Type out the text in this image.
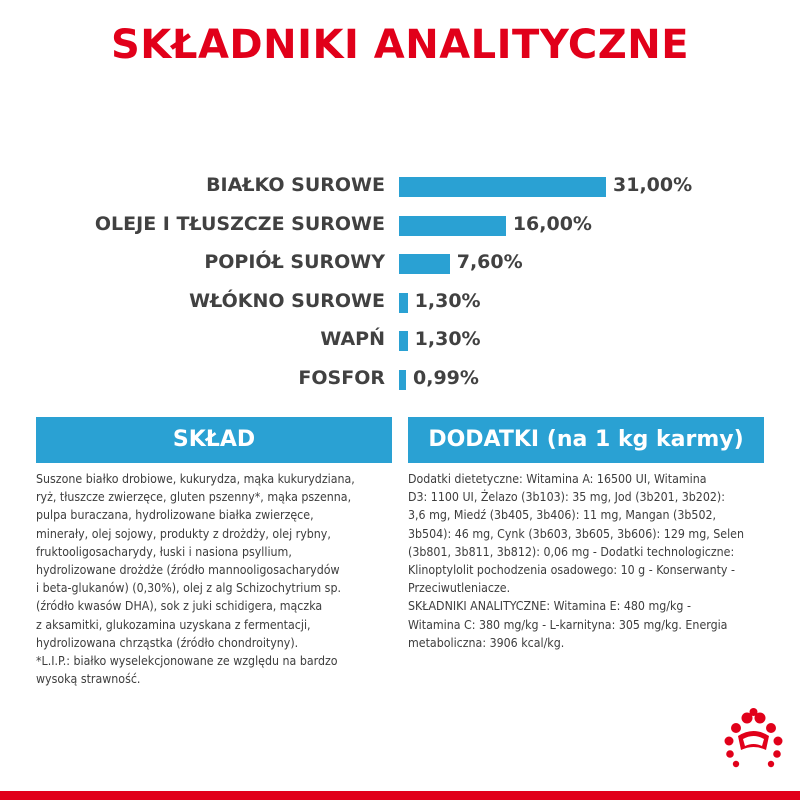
SKŁADNIKI ANALITYCZNE
BIAŁKO SUROWE	31,00%
OLEJE I TŁUSZCZE SUROWE	16,00%
POPIÓŁ SUROWY	7,60%
WŁÓKNO SUROWE 1,30%
WAPŃ 1,30%
FOSFOR 0,99%
SKŁAD	DODATKI (na 1 kg karmy)

Suszone białko drobiowe, kukurydza, mąka kukurydziana,
ryż, tłuszcze zwierzęce, gluten pszenny*, mąka pszenna,
pulpa buraczana, hydrolizowane białka zwierzęce,
minerały, olej sojowy, produkty z drożdży, olej rybny,
fruktooligosacharydy, łuski i nasiona psyllium,
hydrolizowane drożdże (źródło mannooligosacharydów
i beta-glukanów) (0,30%), olej z alg Schizochytrium sp.
(źródło kwasów DHA), sok z juki schidigera, mączka
z aksamitki, glukozamina uzyskana z fermentacji,
hydrolizowana chrząstka (źródło chondroityny).
*L.I.P.: białko wyselekcjonowane ze względu na bardzo
wysoką strawność.

Dodatki dietetyczne: Witamina A: 16500 UI, Witamina
D3: 1100 UI, Żelazo (3b103): 35 mg, Jod (3b201, 3b202):
3,6 mg, Miedź (3b405, 3b406): 11 mg, Mangan (3b502,
3b504): 46 mg, Cynk (3b603, 3b605, 3b606): 129 mg, Selen
(3b801, 3b811, 3b812): 0,06 mg - Dodatki technologiczne:
Klinoptylolit pochodzenia osadowego: 10 g - Konserwanty -
Przeciwutleniacze.
SKŁADNIKI ANALITYCZNE: Witamina E: 480 mg/kg -
Witamina C: 380 mg/kg - L-karnityna: 305 mg/kg. Energia
metaboliczna: 3906 kcal/kg.
